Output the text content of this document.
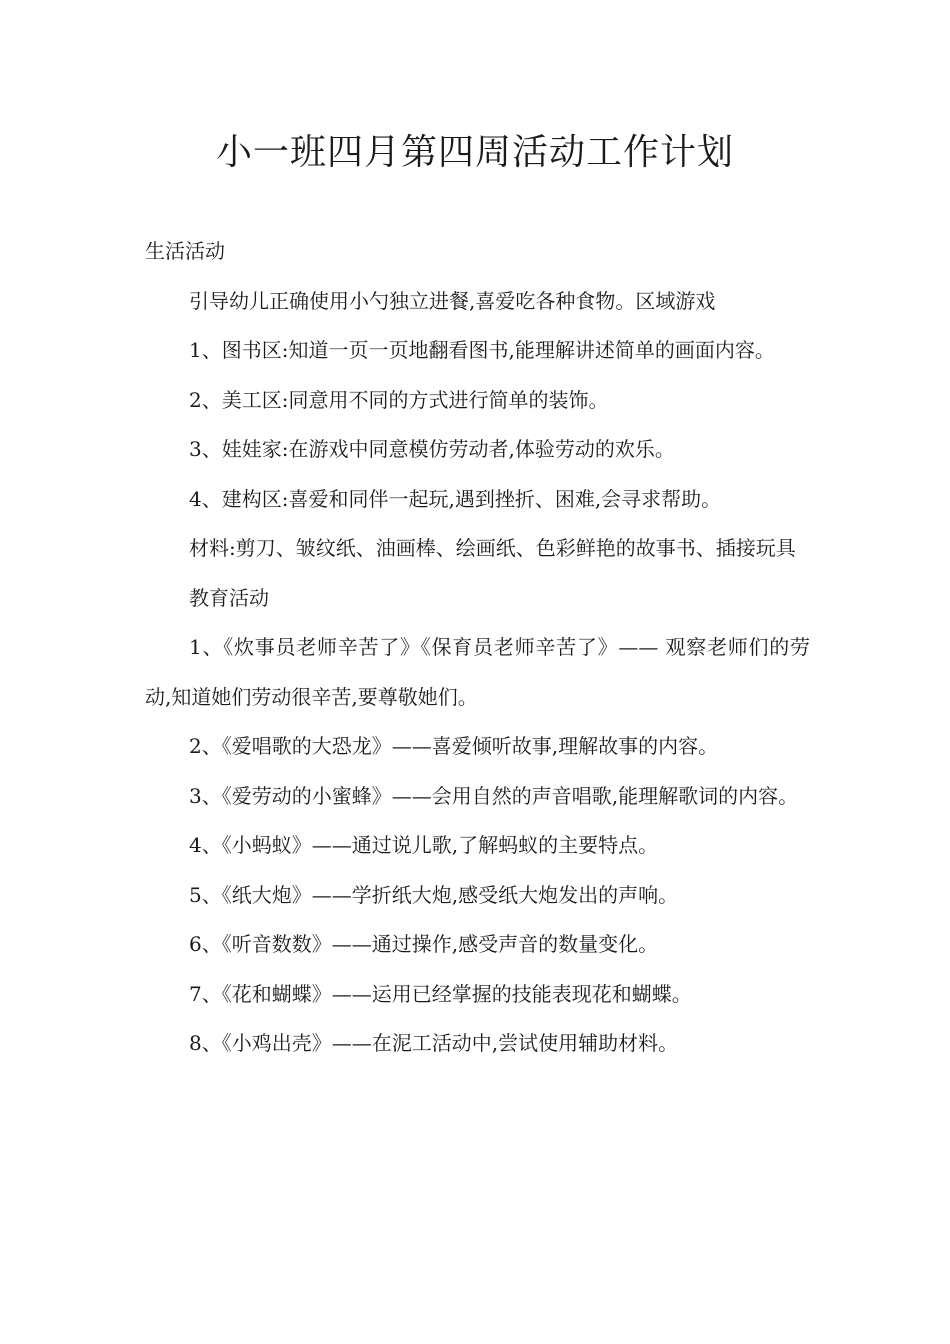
小一班四月第四周活动工作计划

生活活动

引导幼儿正确使用小勺独立进餐,喜爱吃各种食物。区域游戏

1、图书区:知道一页一页地翻看图书,能理解讲述简单的画面内容。

2、美工区:同意用不同的方式进行简单的装饰。

3、娃娃家:在游戏中同意模仿劳动者,体验劳动的欢乐。

4、建构区:喜爱和同伴一起玩,遇到挫折、困难,会寻求帮助。

材料:剪刀、皱纹纸、油画棒、绘画纸、色彩鲜艳的故事书、插接玩具

教育活动

1、《炊事员老师辛苦了》《保育员老师辛苦了》—— 观察老师们的劳动,知道她们劳动很辛苦,要尊敬她们。

2、《爱唱歌的大恐龙》——喜爱倾听故事,理解故事的内容。

3、《爱劳动的小蜜蜂》——会用自然的声音唱歌,能理解歌词的内容。

4、《小蚂蚁》——通过说儿歌,了解蚂蚁的主要特点。

5、《纸大炮》——学折纸大炮,感受纸大炮发出的声响。

6、《听音数数》——通过操作,感受声音的数量变化。

7、《花和蝴蝶》——运用已经掌握的技能表现花和蝴蝶。

8、《小鸡出壳》——在泥工活动中,尝试使用辅助材料。
